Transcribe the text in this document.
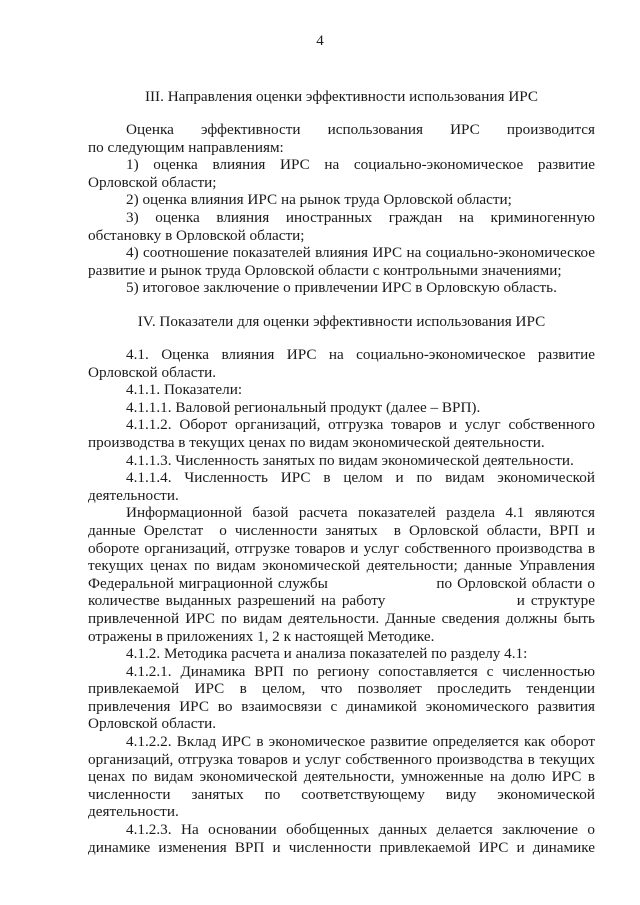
4

III. Направления оценки эффективности использования ИРС

Оценка эффективности использования ИРС производится

по следующим направлениям:

1) оценка влияния ИРС на социально-экономическое развитие Орловской области;

2) оценка влияния ИРС на рынок труда Орловской области;

3) оценка влияния иностранных граждан на криминогенную обстановку в Орловской области;

4) соотношение показателей влияния ИРС на социально-экономическое развитие и рынок труда Орловской области с контрольными значениями;

5) итоговое заключение о привлечении ИРС в Орловскую область.

IV. Показатели для оценки эффективности использования ИРС

4.1. Оценка влияния ИРС на социально-экономическое развитие Орловской области.

4.1.1. Показатели:

4.1.1.1. Валовой региональный продукт (далее – ВРП).

4.1.1.2. Оборот организаций, отгрузка товаров и услуг собственного производства в текущих ценах по видам экономической деятельности.

4.1.1.3. Численность занятых по видам экономической деятельности.

4.1.1.4. Численность ИРС в целом и по видам экономической деятельности.

Информационной базой расчета показателей раздела 4.1 являются данные Орелстат  о численности занятых  в Орловской области, ВРП и обороте организаций, отгрузке товаров и услуг собственного производства в текущих ценах по видам экономической деятельности; данные Управления Федеральной миграционной службы                      по Орловской области о количестве выданных разрешений на работу                      и структуре привлеченной ИРС по видам деятельности. Данные сведения должны быть отражены в приложениях 1, 2 к настоящей Методике.

4.1.2. Методика расчета и анализа показателей по разделу 4.1:

4.1.2.1. Динамика ВРП по региону сопоставляется с численностью привлекаемой ИРС в целом, что позволяет проследить тенденции привлечения ИРС во взаимосвязи с динамикой экономического развития Орловской области.

4.1.2.2. Вклад ИРС в экономическое развитие определяется как оборот организаций, отгрузка товаров и услуг собственного производства в текущих ценах по видам экономической деятельности, умноженные на долю ИРС в численности занятых по соответствующему виду экономической деятельности.

4.1.2.3. На основании обобщенных данных делается заключение о динамике изменения ВРП и численности привлекаемой ИРС и динамике
